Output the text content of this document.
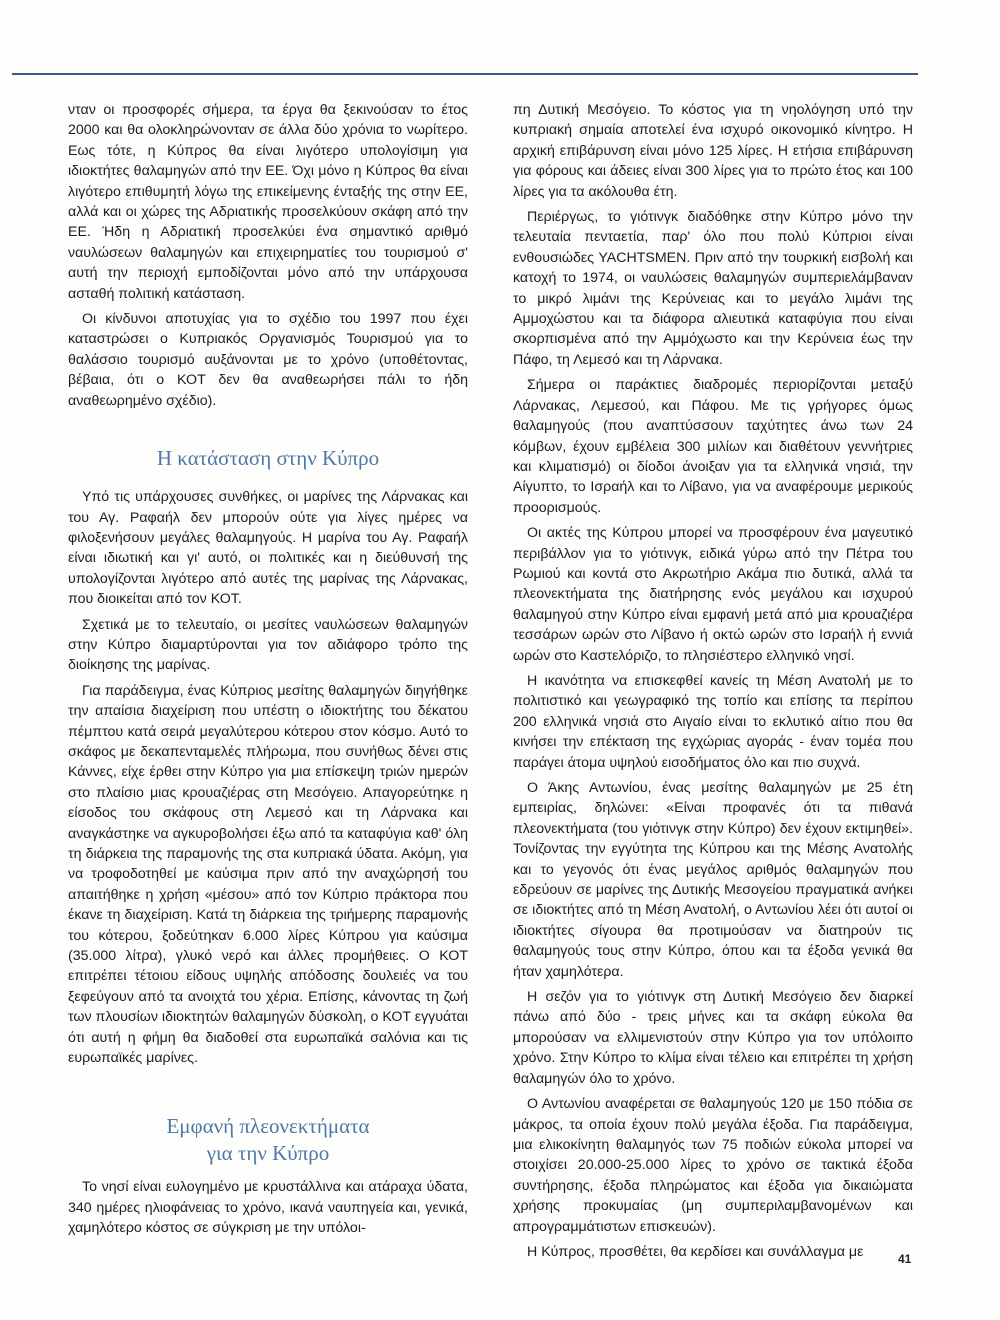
νταν οι προσφορές σήμερα, τα έργα θα ξεκινούσαν το έτος 2000 και θα ολοκληρώνονταν σε άλλα δύο χρόνια το νωρίτερο. Εως τότε, η Κύπρος θα είναι λιγότερο υπολογίσιμη για ιδιοκτήτες θαλαμηγών από την ΕΕ. Όχι μόνο η Κύπρος θα είναι λιγότερο επιθυμητή λόγω της επικείμενης ένταξής της στην ΕΕ, αλλά και οι χώρες της Αδριατικής προσελκύουν σκάφη από την ΕΕ. Ήδη η Αδριατική προσελκύει ένα σημαντικό αριθμό ναυλώσεων θαλαμηγών και επιχειρηματίες του τουρισμού σ' αυτή την περιοχή εμποδίζονται μόνο από την υπάρχουσα ασταθή πολιτική κατάσταση.

Οι κίνδυνοι αποτυχίας για το σχέδιο του 1997 που έχει καταστρώσει ο Κυπριακός Οργανισμός Τουρισμού για το θαλάσσιο τουρισμό αυξάνονται με το χρόνο (υποθέτοντας, βέβαια, ότι ο ΚΟΤ δεν θα αναθεωρήσει πάλι το ήδη αναθεωρημένο σχέδιο).

Η κατάσταση στην Κύπρο

Υπό τις υπάρχουσες συνθήκες, οι μαρίνες της Λάρνακας και του Αγ. Ραφαήλ δεν μπορούν ούτε για λίγες ημέρες να φιλοξενήσουν μεγάλες θαλαμηγούς. Η μαρίνα του Αγ. Ραφαήλ είναι ιδιωτική και γι' αυτό, οι πολιτικές και η διεύθυνσή της υπολογίζονται λιγότερο από αυτές της μαρίνας της Λάρνακας, που διοικείται από τον ΚΟΤ.

Σχετικά με το τελευταίο, οι μεσίτες ναυλώσεων θαλαμηγών στην Κύπρο διαμαρτύρονται για τον αδιάφορο τρόπο της διοίκησης της μαρίνας.

Για παράδειγμα, ένας Κύπριος μεσίτης θαλαμηγών διηγήθηκε την απαίσια διαχείριση που υπέστη ο ιδιοκτήτης του δέκατου πέμπτου κατά σειρά μεγαλύτερου κότερου στον κόσμο. Αυτό το σκάφος με δεκαπενταμελές πλήρωμα, που συνήθως δένει στις Κάννες, είχε έρθει στην Κύπρο για μια επίσκεψη τριών ημερών στο πλαίσιο μιας κρουαζιέρας στη Μεσόγειο. Απαγορεύτηκε η είσοδος του σκάφους στη Λεμεσό και τη Λάρνακα και αναγκάστηκε να αγκυροβολήσει έξω από τα καταφύγια καθ' όλη τη διάρκεια της παραμονής της στα κυπριακά ύδατα. Ακόμη, για να τροφοδοτηθεί με καύσιμα πριν από την αναχώρησή του απαιτήθηκε η χρήση «μέσου» από τον Κύπριο πράκτορα που έκανε τη διαχείριση. Κατά τη διάρκεια της τριήμερης παραμονής του κότερου, ξοδεύτηκαν 6.000 λίρες Κύπρου για καύσιμα (35.000 λίτρα), γλυκό νερό και άλλες προμήθειες. Ο ΚΟΤ επιτρέπει τέτοιου είδους υψηλής απόδοσης δουλειές να του ξεφεύγουν από τα ανοιχτά του χέρια. Επίσης, κάνοντας τη ζωή των πλουσίων ιδιοκτητών θαλαμηγών δύσκολη, ο ΚΟΤ εγγυάται ότι αυτή η φήμη θα διαδοθεί στα ευρωπαϊκά σαλόνια και τις ευρωπαϊκές μαρίνες.

Εμφανή πλεονεκτήματα
για την Κύπρο

Το νησί είναι ευλογημένο με κρυστάλλινα και ατάραχα ύδατα, 340 ημέρες ηλιοφάνειας το χρόνο, ικανά ναυπηγεία και, γενικά, χαμηλότερο κόστος σε σύγκριση με την υπόλοι-

πη Δυτική Μεσόγειο. Το κόστος για τη νηολόγηση υπό την κυπριακή σημαία αποτελεί ένα ισχυρό οικονομικό κίνητρο. Η αρχική επιβάρυνση είναι μόνο 125 λίρες. Η ετήσια επιβάρυνση για φόρους και άδειες είναι 300 λίρες για το πρώτο έτος και 100 λίρες για τα ακόλουθα έτη.

Περιέργως, το γιότινγκ διαδόθηκε στην Κύπρο μόνο την τελευταία πενταετία, παρ' όλο που πολύ Κύπριοι είναι ενθουσιώδες YACHTSMEN. Πριν από την τουρκική εισβολή και κατοχή το 1974, οι ναυλώσεις θαλαμηγών συμπεριελάμβαναν το μικρό λιμάνι της Κερύνειας και το μεγάλο λιμάνι της Αμμοχώστου και τα διάφορα αλιευτικά καταφύγια που είναι σκορπισμένα από την Αμμόχωστο και την Κερύνεια έως την Πάφο, τη Λεμεσό και τη Λάρνακα.

Σήμερα οι παράκτιες διαδρομές περιορίζονται μεταξύ Λάρνακας, Λεμεσού, και Πάφου. Με τις γρήγορες όμως θαλαμηγούς (που αναπτύσσουν ταχύτητες άνω των 24 κόμβων, έχουν εμβέλεια 300 μιλίων και διαθέτουν γεννήτριες και κλιματισμό) οι δίοδοι άνοιξαν για τα ελληνικά νησιά, την Αίγυπτο, το Ισραήλ και το Λίβανο, για να αναφέρουμε μερικούς προορισμούς.

Οι ακτές της Κύπρου μπορεί να προσφέρουν ένα μαγευτικό περιβάλλον για το γιότινγκ, ειδικά γύρω από την Πέτρα του Ρωμιού και κοντά στο Ακρωτήριο Ακάμα πιο δυτικά, αλλά τα πλεονεκτήματα της διατήρησης ενός μεγάλου και ισχυρού θαλαμηγού στην Κύπρο είναι εμφανή μετά από μια κρουαζιέρα τεσσάρων ωρών στο Λίβανο ή οκτώ ωρών στο Ισραήλ ή εννιά ωρών στο Καστελόριζο, το πλησιέστερο ελληνικό νησί.

Η ικανότητα να επισκεφθεί κανείς τη Μέση Ανατολή με το πολιτιστικό και γεωγραφικό της τοπίο και επίσης τα περίπου 200 ελληνικά νησιά στο Αιγαίο είναι το εκλυτικό αίτιο που θα κινήσει την επέκταση της εγχώριας αγοράς - έναν τομέα που παράγει άτομα υψηλού εισοδήματος όλο και πιο συχνά.

Ο Άκης Αντωνίου, ένας μεσίτης θαλαμηγών με 25 έτη εμπειρίας, δηλώνει: «Είναι προφανές ότι τα πιθανά πλεονεκτήματα (του γιότινγκ στην Κύπρο) δεν έχουν εκτιμηθεί». Τονίζοντας την εγγύτητα της Κύπρου και της Μέσης Ανατολής και το γεγονός ότι ένας μεγάλος αριθμός θαλαμηγών που εδρεύουν σε μαρίνες της Δυτικής Μεσογείου πραγματικά ανήκει σε ιδιοκτήτες από τη Μέση Ανατολή, ο Αντωνίου λέει ότι αυτοί οι ιδιοκτήτες σίγουρα θα προτιμούσαν να διατηρούν τις θαλαμηγούς τους στην Κύπρο, όπου και τα έξοδα γενικά θα ήταν χαμηλότερα.

Η σεζόν για το γιότινγκ στη Δυτική Μεσόγειο δεν διαρκεί πάνω από δύο - τρεις μήνες και τα σκάφη εύκολα θα μπορούσαν να ελλιμενιστούν στην Κύπρο για τον υπόλοιπο χρόνο. Στην Κύπρο το κλίμα είναι τέλειο και επιτρέπει τη χρήση θαλαμηγών όλο το χρόνο.

Ο Αντωνίου αναφέρεται σε θαλαμηγούς 120 με 150 πόδια σε μάκρος, τα οποία έχουν πολύ μεγάλα έξοδα. Για παράδειγμα, μια ελικοκίνητη θαλαμηγός των 75 ποδιών εύκολα μπορεί να στοιχίσει 20.000-25.000 λίρες το χρόνο σε τακτικά έξοδα συντήρησης, έξοδα πληρώματος και έξοδα για δικαιώματα χρήσης προκυμαίας (μη συμπεριλαμβανομένων και απρογραμμάτιστων επισκευών).

Η Κύπρος, προσθέτει, θα κερδίσει και συνάλλαγμα με	41
